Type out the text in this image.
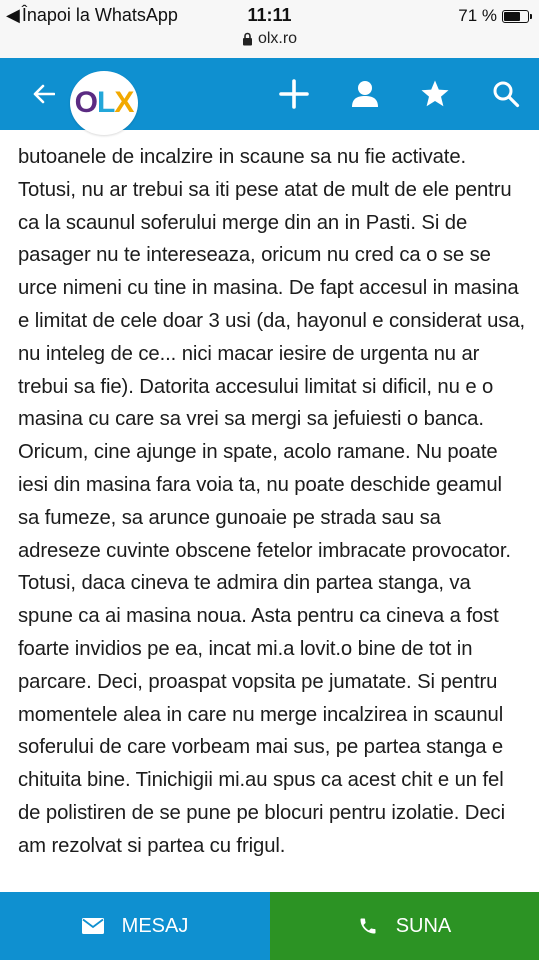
◀ Înapoi la WhatsApp	11:11	71 %
olx.ro
O L X

butoanele de incalzire in scaune sa nu fie activate. Totusi, nu ar trebui sa iti pese atat de mult de ele pentru ca la scaunul soferului merge din an in Pasti. Si de pasager nu te intereseaza, oricum nu cred ca o se se urce nimeni cu tine in masina. De fapt accesul in masina e limitat de cele doar 3 usi (da, hayonul e considerat usa, nu inteleg de ce... nici macar iesire de urgenta nu ar trebui sa fie). Datorita accesului limitat si dificil, nu e o masina cu care sa vrei sa mergi sa jefuiesti o banca. Oricum, cine ajunge in spate, acolo ramane. Nu poate iesi din masina fara voia ta, nu poate deschide geamul sa fumeze, sa arunce gunoaie pe strada sau sa adreseze cuvinte obscene fetelor imbracate provocator. Totusi, daca cineva te admira din partea stanga, va spune ca ai masina noua. Asta pentru ca cineva a fost foarte invidios pe ea, incat mi.a lovit.o bine de tot in parcare. Deci, proaspat vopsita pe jumatate. Si pentru momentele alea in care nu merge incalzirea in scaunul soferului de care vorbeam mai sus, pe partea stanga e chituita bine. Tinichigii mi.au spus ca acest chit e un fel de polistiren de se pune pe blocuri pentru izolatie. Deci am rezolvat si partea cu frigul.

MESAJ	SUNA
